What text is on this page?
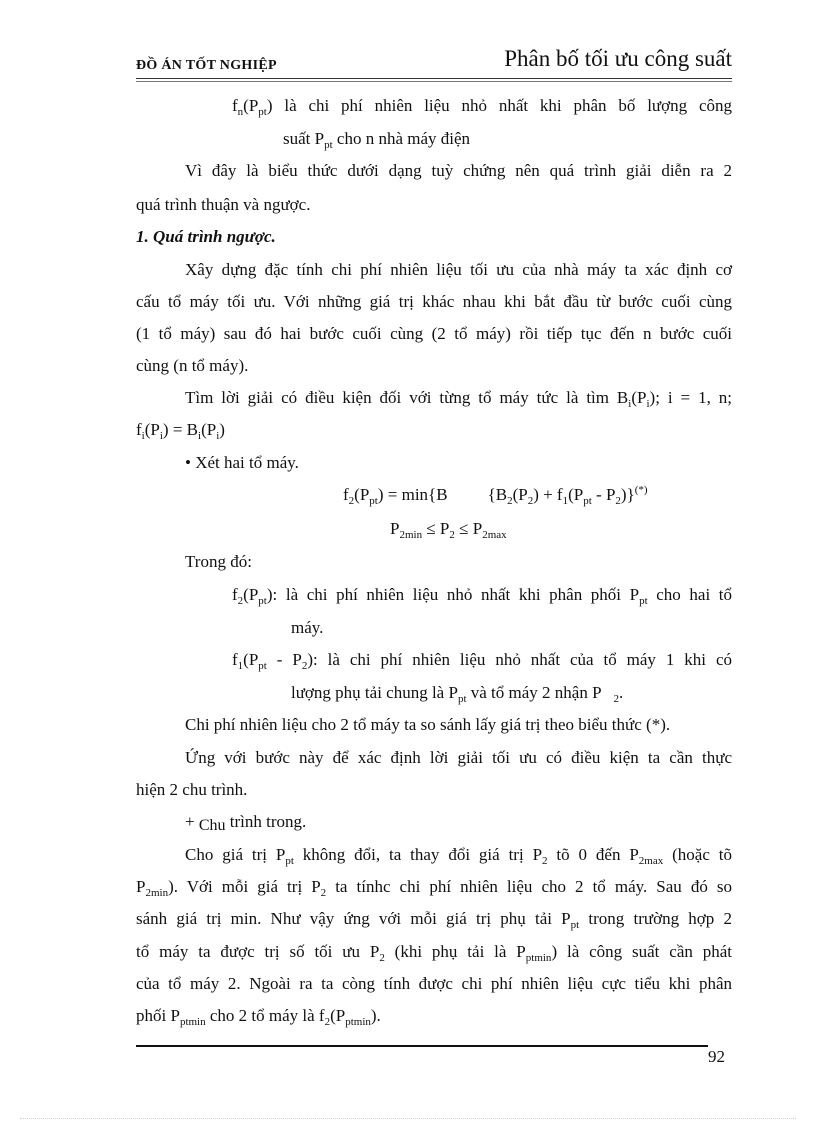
ĐỒ ÁN TỐT NGHIỆP	Phân bố tối ưu công suất
$f_n(P_{pt})$ là chi phí nhiên liệu nhỏ nhất khi phân bố lượng công
suất $P_{pt}$ cho n nhà máy điện
Vì đây là biểu thức dưới dạng tuỳ chứng nên quá trình giải diễn ra 2
quá trình thuận và ngược.
1. Quá trình ngược.
Xây dựng đặc tính chi phí nhiên liệu tối ưu của nhà máy ta xác định cơ
cấu tổ máy tối ưu. Với những giá trị khác nhau khi bắt đầu từ bước cuối cùng
(1 tổ máy) sau đó hai bước cuối cùng (2 tổ máy) rồi tiếp tục đến n bước cuối
cùng (n tổ máy).
Tìm lời giải có điều kiện đối với từng tổ máy tức là tìm $B_i(P_i)$; i = 1, n;
$f_i(P_i) = B_i(P_i)$
• Xét hai tổ máy.
$f_2(P_{pt}) = \min\{B$ $\{B_2(P_2) + f_1(P_{pt} - P_2)\}^{(*)}$
$P_{2min} \le P_2 \le P_{2max}$
Trong đó:
$f_2(P_{pt})$: là chi phí nhiên liệu nhỏ nhất khi phân phối $P_{pt}$ cho hai tổ
máy.
$f_1(P_{pt} - P_2)$: là chi phí nhiên liệu nhỏ nhất của tổ máy 1 khi có
lượng phụ tải chung là $P_{pt}$ và tổ máy 2 nhận P $_2$.
Chi phí nhiên liệu cho 2 tổ máy ta so sánh lấy giá trị theo biểu thức (*).
Ứng với bước này để xác định lời giải tối ưu có điều kiện ta cần thực
hiện 2 chu trình.
+ Chu trình trong.
Cho giá trị $P_{pt}$ không đổi, ta thay đổi giá trị $P_2$ tõ 0 đến $P_{2max}$ (hoặc tõ
$P_{2min}$). Với mỗi giá trị $P_2$ ta tínhc chi phí nhiên liệu cho 2 tổ máy. Sau đó so
sánh giá trị min. Như vậy ứng với mỗi giá trị phụ tải $P_{pt}$ trong trường hợp 2
tổ máy ta được trị số tối ưu $P_2$ (khi phụ tải là $P_{ptmin}$) là công suất cần phát
của tổ máy 2. Ngoài ra ta còng tính được chi phí nhiên liệu cực tiểu khi phân
phối $P_{ptmin}$ cho 2 tổ máy là $f_2(P_{ptmin})$.
92
